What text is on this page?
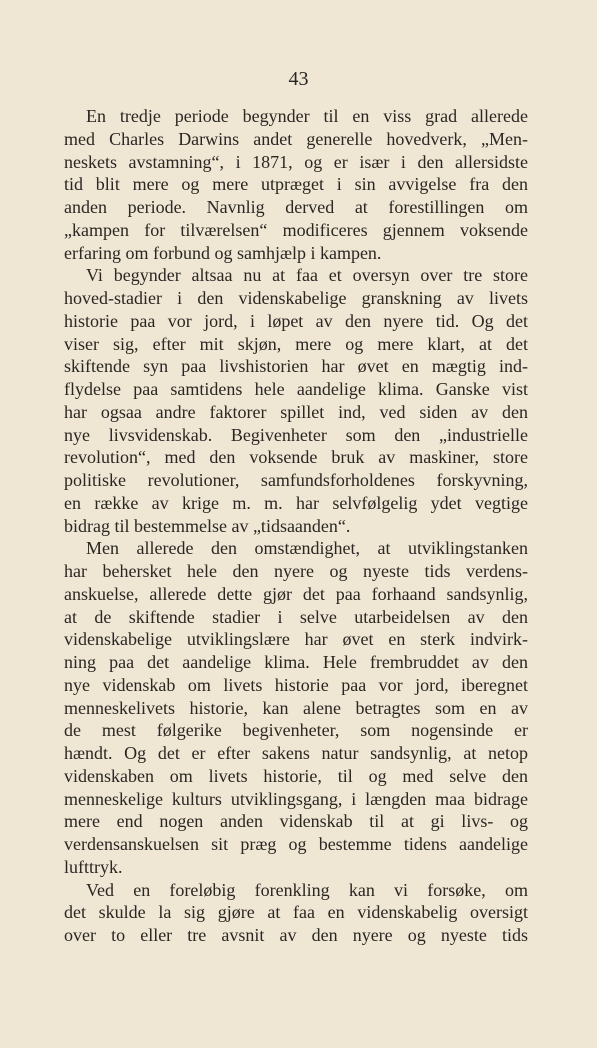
43
En tredje periode begynder til en viss grad allerede
med Charles Darwins andet generelle hovedverk, „Men-
neskets avstamning“, i 1871, og er især i den allersidste
tid blit mere og mere utpræget i sin avvigelse fra den
anden periode. Navnlig derved at forestillingen om
„kampen for tilværelsen“ modificeres gjennem voksende
erfaring om forbund og samhjælp i kampen.
Vi begynder altsaa nu at faa et oversyn over tre store
hoved-stadier i den videnskabelige granskning av livets
historie paa vor jord, i løpet av den nyere tid. Og det
viser sig, efter mit skjøn, mere og mere klart, at det
skiftende syn paa livshistorien har øvet en mægtig ind-
flydelse paa samtidens hele aandelige klima. Ganske vist
har ogsaa andre faktorer spillet ind, ved siden av den
nye livsvidenskab. Begivenheter som den „industrielle
revolution“, med den voksende bruk av maskiner, store
politiske revolutioner, samfundsforholdenes forskyvning,
en række av krige m. m. har selvfølgelig ydet vegtige
bidrag til bestemmelse av „tidsaanden“.
Men allerede den omstændighet, at utviklingstanken
har behersket hele den nyere og nyeste tids verdens-
anskuelse, allerede dette gjør det paa forhaand sandsynlig,
at de skiftende stadier i selve utarbeidelsen av den
videnskabelige utviklingslære har øvet en sterk indvirk-
ning paa det aandelige klima. Hele frembruddet av den
nye videnskab om livets historie paa vor jord, iberegnet
menneskelivets historie, kan alene betragtes som en av
de mest følgerike begivenheter, som nogensinde er
hændt. Og det er efter sakens natur sandsynlig, at netop
videnskaben om livets historie, til og med selve den
menneskelige kulturs utviklingsgang, i længden maa bidrage
mere end nogen anden videnskab til at gi livs- og
verdensanskuelsen sit præg og bestemme tidens aandelige
lufttryk.
Ved en foreløbig forenkling kan vi forsøke, om
det skulde la sig gjøre at faa en videnskabelig oversigt
over to eller tre avsnit av den nyere og nyeste tids
